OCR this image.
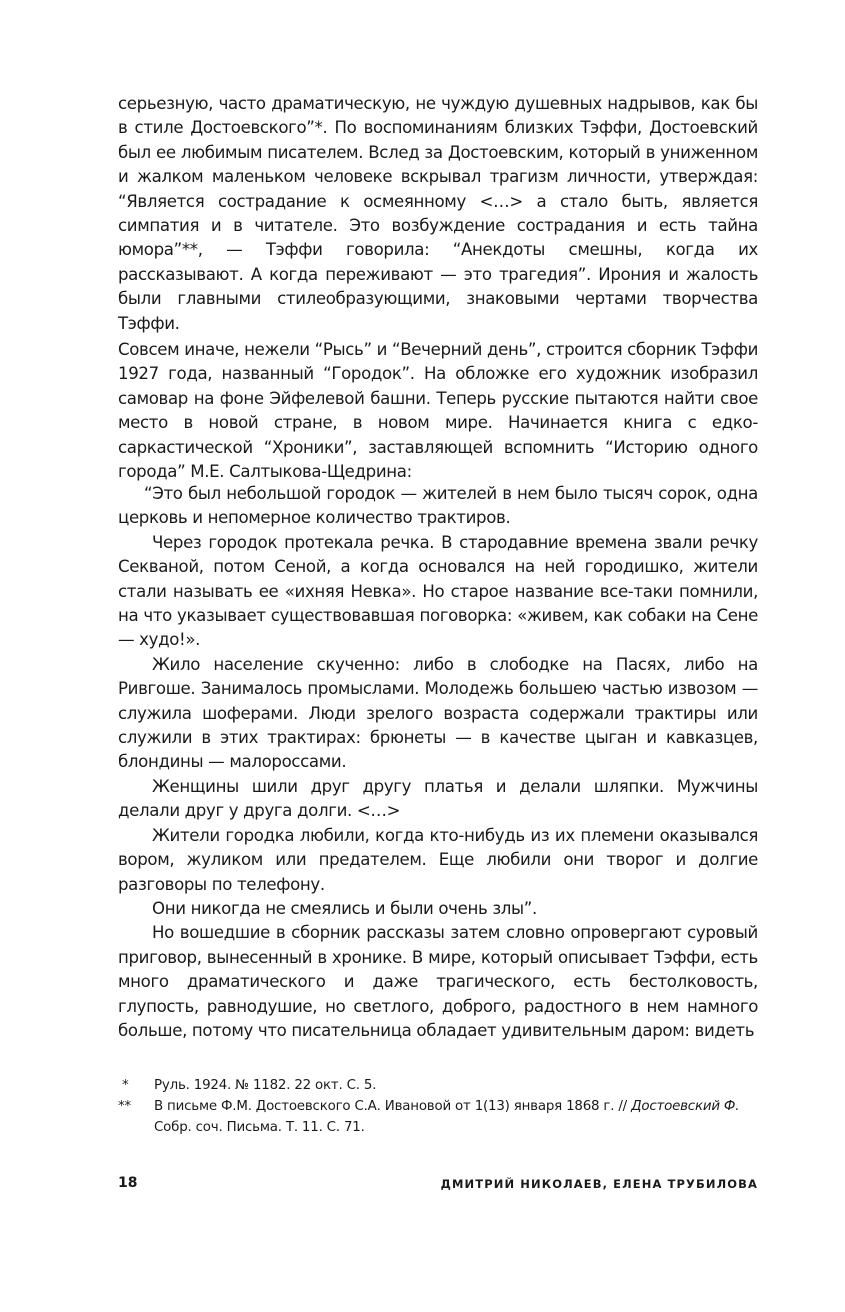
серьезную, часто драматическую, не чуждую душевных надрывов, как бы в стиле Достоевского”*. По воспоминаниям близких Тэффи, Достоевский был ее любимым писателем. Вслед за Достоевским, который в униженном и жалком маленьком человеке вскрывал трагизм личности, утверждая: “Является сострадание к осмеянному <…> а стало быть, является симпатия и в читателе. Это возбуждение сострадания и есть тайна юмора”**, — Тэффи говорила: “Анекдоты смешны, когда их рассказывают. А когда переживают — это трагедия”. Ирония и жалость были главными стилеобразующими, знаковыми чертами творчества Тэффи.

Совсем иначе, нежели “Рысь” и “Вечерний день”, строится сборник Тэффи 1927 года, названный “Городок”. На обложке его художник изобразил самовар на фоне Эйфелевой башни. Теперь русские пытаются найти свое место в новой стране, в новом мире. Начинается книга с едко-саркастической “Хроники”, заставляющей вспомнить “Историю одного города” М.Е. Салтыкова-Щедрина:

“Это был небольшой городок — жителей в нем было тысяч сорок, одна церковь и непомерное количество трактиров.

Через городок протекала речка. В стародавние времена звали речку Секваной, потом Сеной, а когда основался на ней городишко, жители стали называть ее «ихняя Невка». Но старое название все-таки помнили, на что указывает существовавшая поговорка: «живем, как собаки на Сене — худо!».

Жило население скученно: либо в слободке на Пасях, либо на Ривгоше. Занималось промыслами. Молодежь большею частью извозом — служила шоферами. Люди зрелого возраста содержали трактиры или служили в этих трактирах: брюнеты — в качестве цыган и кавказцев, блондины — малороссами.

Женщины шили друг другу платья и делали шляпки. Мужчины делали друг у друга долги. <…>

Жители городка любили, когда кто-нибудь из их племени оказывался вором, жуликом или предателем. Еще любили они творог и долгие разговоры по телефону.

Они никогда не смеялись и были очень злы”.

Но вошедшие в сборник рассказы затем словно опровергают суровый приговор, вынесенный в хронике. В мире, который описывает Тэффи, есть много драматического и даже трагического, есть бестолковость, глупость, равнодушие, но светлого, доброго, радостного в нем намного больше, потому что писательница обладает удивительным даром: видеть

* Руль. 1924. № 1182. 22 окт. С. 5.

** В письме Ф.М. Достоевского С.А. Ивановой от 1(13) января 1868 г. // Достоевский Ф. Собр. соч. Письма. Т. 11. С. 71.

18	ДМИТРИЙ НИКОЛАЕВ, ЕЛЕНА ТРУБИЛОВА
